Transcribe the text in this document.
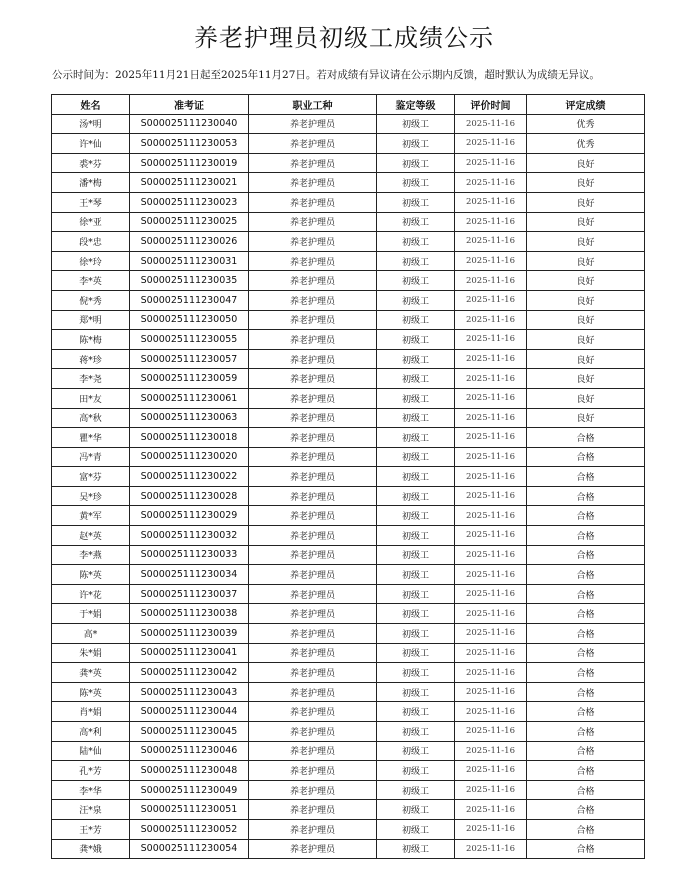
养老护理员初级工成绩公示
公示时间为：2025年11月21日起至2025年11月27日。若对成绩有异议请在公示期内反馈，超时默认为成绩无异议。
姓名	准考证	职业工种	鉴定等级	评价时间	评定成绩
汤*明	S000025111230040	养老护理员	初级工	2025-11-16	优秀
许*仙	S000025111230053	养老护理员	初级工	2025-11-16	优秀
裘*芬	S000025111230019	养老护理员	初级工	2025-11-16	良好
潘*梅	S000025111230021	养老护理员	初级工	2025-11-16	良好
王*琴	S000025111230023	养老护理员	初级工	2025-11-16	良好
徐*亚	S000025111230025	养老护理员	初级工	2025-11-16	良好
段*忠	S000025111230026	养老护理员	初级工	2025-11-16	良好
徐*玲	S000025111230031	养老护理员	初级工	2025-11-16	良好
李*英	S000025111230035	养老护理员	初级工	2025-11-16	良好
倪*秀	S000025111230047	养老护理员	初级工	2025-11-16	良好
郑*明	S000025111230050	养老护理员	初级工	2025-11-16	良好
陈*梅	S000025111230055	养老护理员	初级工	2025-11-16	良好
蒋*珍	S000025111230057	养老护理员	初级工	2025-11-16	良好
李*尧	S000025111230059	养老护理员	初级工	2025-11-16	良好
田*友	S000025111230061	养老护理员	初级工	2025-11-16	良好
高*秋	S000025111230063	养老护理员	初级工	2025-11-16	良好
瞿*华	S000025111230018	养老护理员	初级工	2025-11-16	合格
冯*青	S000025111230020	养老护理员	初级工	2025-11-16	合格
富*芬	S000025111230022	养老护理员	初级工	2025-11-16	合格
吴*珍	S000025111230028	养老护理员	初级工	2025-11-16	合格
黄*军	S000025111230029	养老护理员	初级工	2025-11-16	合格
赵*英	S000025111230032	养老护理员	初级工	2025-11-16	合格
李*燕	S000025111230033	养老护理员	初级工	2025-11-16	合格
陈*英	S000025111230034	养老护理员	初级工	2025-11-16	合格
许*花	S000025111230037	养老护理员	初级工	2025-11-16	合格
于*娟	S000025111230038	养老护理员	初级工	2025-11-16	合格
高*	S000025111230039	养老护理员	初级工	2025-11-16	合格
朱*娟	S000025111230041	养老护理员	初级工	2025-11-16	合格
龚*英	S000025111230042	养老护理员	初级工	2025-11-16	合格
陈*英	S000025111230043	养老护理员	初级工	2025-11-16	合格
肖*娟	S000025111230044	养老护理员	初级工	2025-11-16	合格
高*利	S000025111230045	养老护理员	初级工	2025-11-16	合格
陆*仙	S000025111230046	养老护理员	初级工	2025-11-16	合格
孔*芳	S000025111230048	养老护理员	初级工	2025-11-16	合格
李*华	S000025111230049	养老护理员	初级工	2025-11-16	合格
汪*泉	S000025111230051	养老护理员	初级工	2025-11-16	合格
王*芳	S000025111230052	养老护理员	初级工	2025-11-16	合格
龚*娥	S000025111230054	养老护理员	初级工	2025-11-16	合格
